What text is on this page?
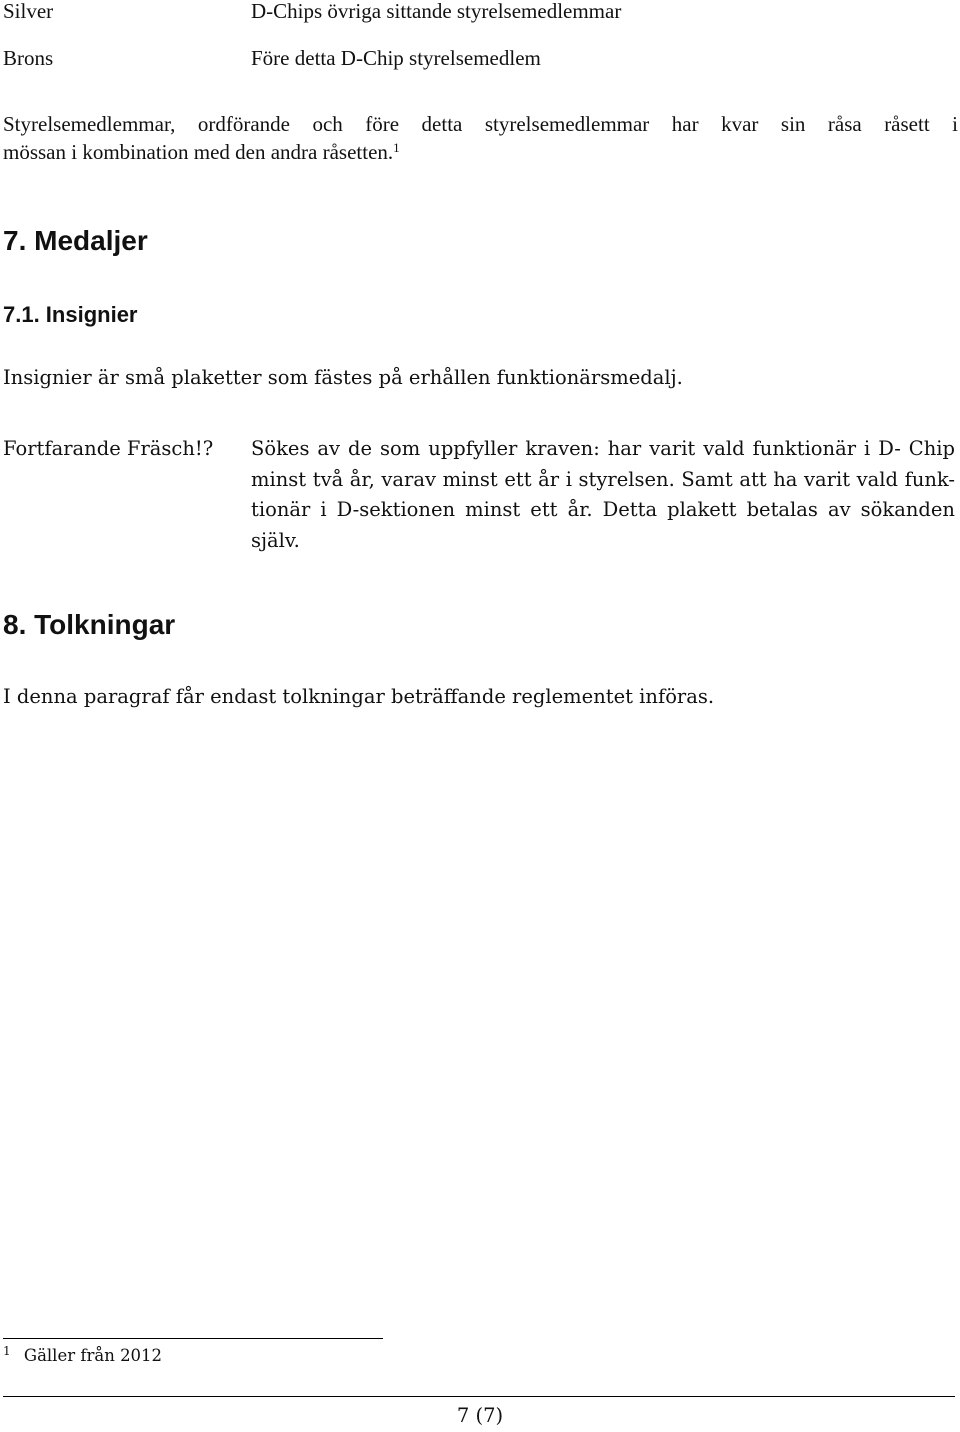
Silver	D-Chips övriga sittande styrelsemedlemmar
Brons	Före detta D-Chip styrelsemedlem
Styrelsemedlemmar, ordförande och före detta styrelsemedlemmar har kvar sin råsa råsett i
mössan i kombination med den andra råsetten.$^1$
7. Medaljer
7.1. Insignier
Insignier är små plaketter som fästes på erhållen funktionärsmedalj.
Fortfarande Fräsch!? Sökes av de som uppfyller kraven: har varit vald funktionär i D- Chip
minst två år, varav minst ett år i styrelsen. Samt att ha varit vald funk-
tionär i D-sektionen minst ett år. Detta plakett betalas av sökanden
själv.
8. Tolkningar
I denna paragraf får endast tolkningar beträffande reglementet införas.
$^1$ Gäller från 2012
7 (7)
